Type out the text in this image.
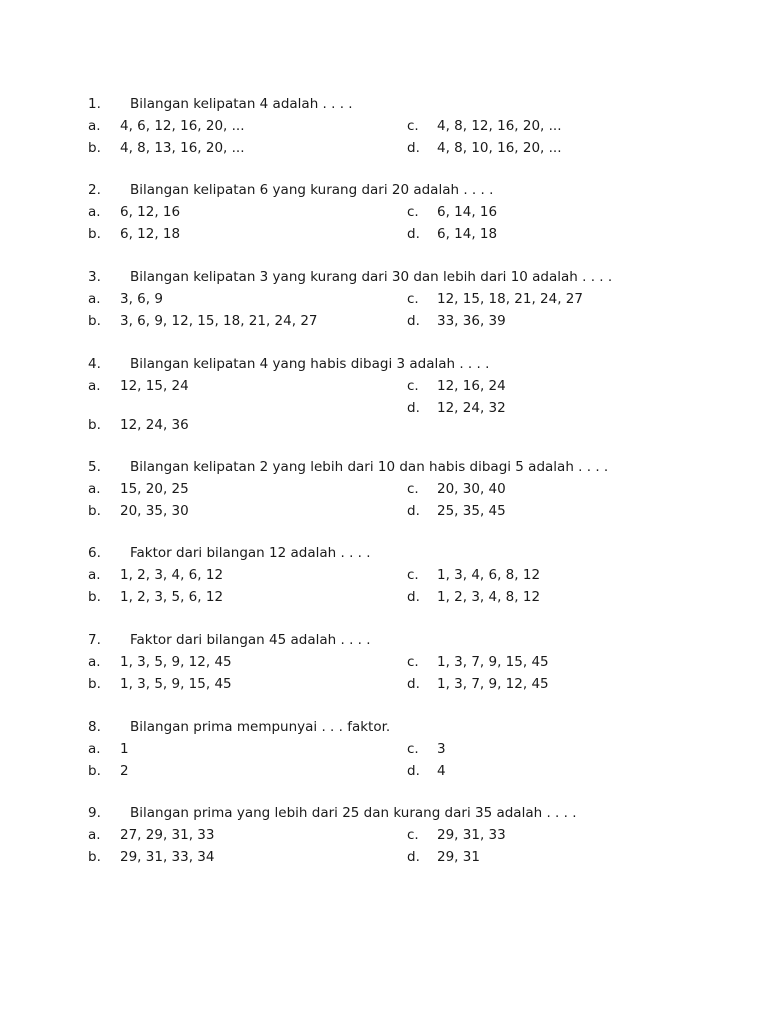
1. Bilangan kelipatan 4 adalah . . . .
a. 4, 6, 12, 16, 20, ...
b. 4, 8, 13, 16, 20, ...
c. 4, 8, 12, 16, 20, ...
d. 4, 8, 10, 16, 20, ...
2. Bilangan kelipatan 6 yang kurang dari 20 adalah . . . .
a. 6, 12, 16
b. 6, 12, 18
c. 6, 14, 16
d. 6, 14, 18
3. Bilangan kelipatan 3 yang kurang dari 30 dan lebih dari 10 adalah . . . .
a. 3, 6, 9
b. 3, 6, 9, 12, 15, 18, 21, 24, 27
c. 12, 15, 18, 21, 24, 27
d. 33, 36, 39
4. Bilangan kelipatan 4 yang habis dibagi 3 adalah . . . .
a. 12, 15, 24
b. 12, 24, 36
c. 12, 16, 24
d. 12, 24, 32
5. Bilangan kelipatan 2 yang lebih dari 10 dan habis dibagi 5 adalah . . . .
a. 15, 20, 25
b. 20, 35, 30
c. 20, 30, 40
d. 25, 35, 45
6. Faktor dari bilangan 12 adalah . . . .
a. 1, 2, 3, 4, 6, 12
b. 1, 2, 3, 5, 6, 12
c. 1, 3, 4, 6, 8, 12
d. 1, 2, 3, 4, 8, 12
7. Faktor dari bilangan 45 adalah . . . .
a. 1, 3, 5, 9, 12, 45
b. 1, 3, 5, 9, 15, 45
c. 1, 3, 7, 9, 15, 45
d. 1, 3, 7, 9, 12, 45
8. Bilangan prima mempunyai . . . faktor.
a. 1
b. 2
c. 3
d. 4
9. Bilangan prima yang lebih dari 25 dan kurang dari 35 adalah . . . .
a. 27, 29, 31, 33
b. 29, 31, 33, 34
c. 29, 31, 33
d. 29, 31
